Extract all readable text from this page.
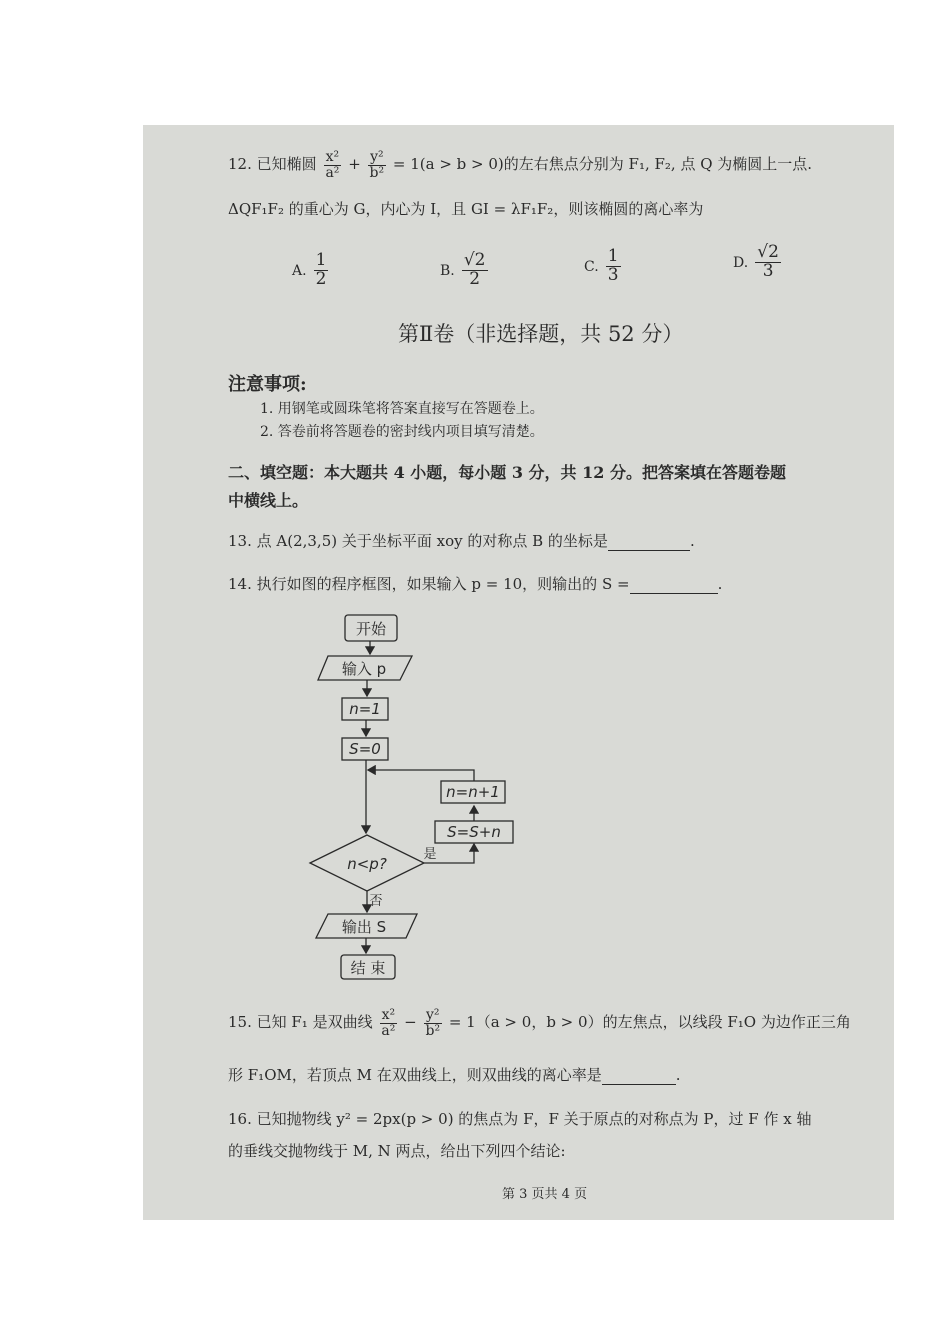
12. 已知椭圆 $\frac{\text{x²}}{\text{a²}} + \frac{\text{y²}}{\text{b²}} = 1(a > b > 0)$的左右焦点分别为 F₁, F₂, 点 Q 为椭圆上一点.
ΔQF₁F₂ 的重心为 G，内心为 I，且 GI = λF₁F₂，则该椭圆的离心率为
A. $\frac{1}{2}$	B. $\frac{√2}{2}$	C. $\frac{1}{3}$	D. $\frac{√2}{3}$
第Ⅱ卷（非选择题，共 52 分）
注意事项:
1. 用钢笔或圆珠笔将答案直接写在答题卷上。
2. 答卷前将答题卷的密封线内项目填写清楚。
二、填空题：本大题共 4 小题，每小题 3 分，共 12 分。把答案填在答题卷题
中横线上。
13. 点 A(2,3,5) 关于坐标平面 xoy 的对称点 B 的坐标是	.
14. 执行如图的程序框图，如果输入 p = 10，则输出的 S =	.
开始
输入 p
n=1
S=0
n=n+1
S=S+n
n<p?
是
否
输出 S
结 束
15. 已知 F₁ 是双曲线 $\frac{\text{x²}}{\text{a²}} - \frac{\text{y²}}{\text{b²}} = 1(a > 0$，b > 0）的左焦点，以线段 F₁O 为边作正三角
形 F₁OM，若顶点 M 在双曲线上，则双曲线的离心率是	.
16. 已知抛物线 y² = 2px(p > 0) 的焦点为 F，F 关于原点的对称点为 P，过 F 作 x 轴
的垂线交抛物线于 M, N 两点，给出下列四个结论:
第 3 页共 4 页
